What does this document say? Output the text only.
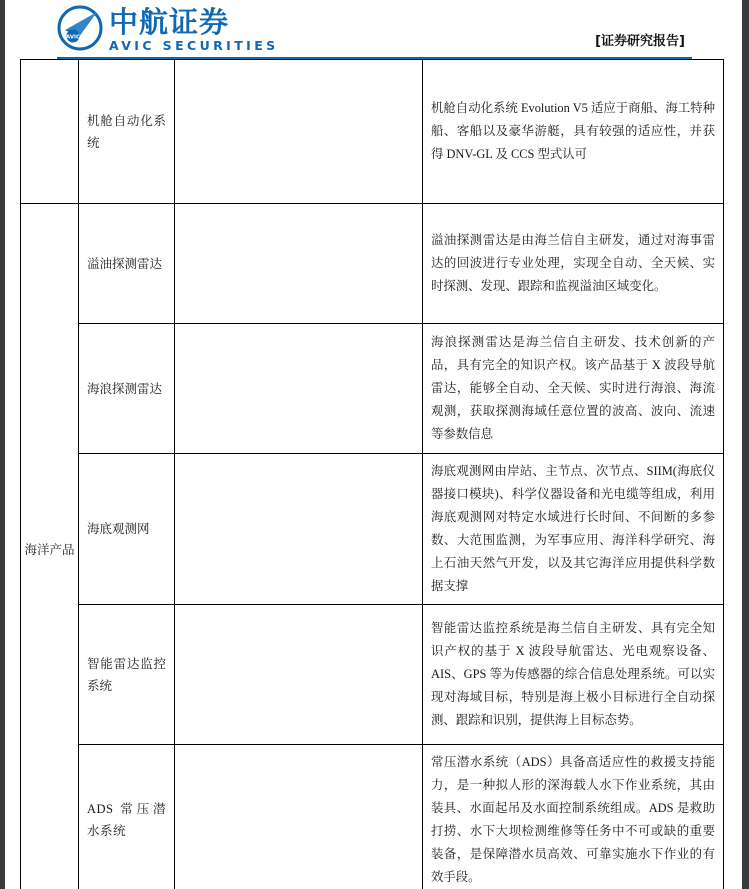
AVIC 中航证券
AVIC SECURITIES	[证券研究报告]

	机舱自动化系统		机舱自动化系统 Evolution V5 适应于商船、海工特种船、客船以及豪华游艇，具有较强的适应性，并获得 DNV-GL 及 CCS 型式认可

海洋产品	溢油探测雷达		溢油探测雷达是由海兰信自主研发，通过对海事雷达的回波进行专业处理，实现全自动、全天候、实时探测、发现、跟踪和监视溢油区域变化。

	海浪探测雷达		海浪探测雷达是海兰信自主研发、技术创新的产品，具有完全的知识产权。该产品基于 X 波段导航雷达，能够全自动、全天候、实时进行海浪、海流观测，获取探测海域任意位置的波高、波向、流速等参数信息

	海底观测网		海底观测网由岸站、主节点、次节点、SIIM(海底仪器接口模块)、科学仪器设备和光电缆等组成，利用海底观测网对特定水域进行长时间、不间断的多参数、大范围监测，为军事应用、海洋科学研究、海上石油天然气开发，以及其它海洋应用提供科学数据支撑

	智能雷达监控系统		智能雷达监控系统是海兰信自主研发、具有完全知识产权的基于 X 波段导航雷达、光电观察设备、AIS、GPS 等为传感器的综合信息处理系统。可以实现对海域目标，特别是海上极小目标进行全自动探测、跟踪和识别，提供海上目标态势。

	ADS 常压潜水系统		常压潜水系统（ADS）具备高适应性的救援支持能力，是一种拟人形的深海载人水下作业系统，其由装具、水面起吊及水面控制系统组成。ADS 是救助打捞、水下大坝检测维修等任务中不可或缺的重要装备，是保障潜水员高效、可靠实施水下作业的有效手段。
